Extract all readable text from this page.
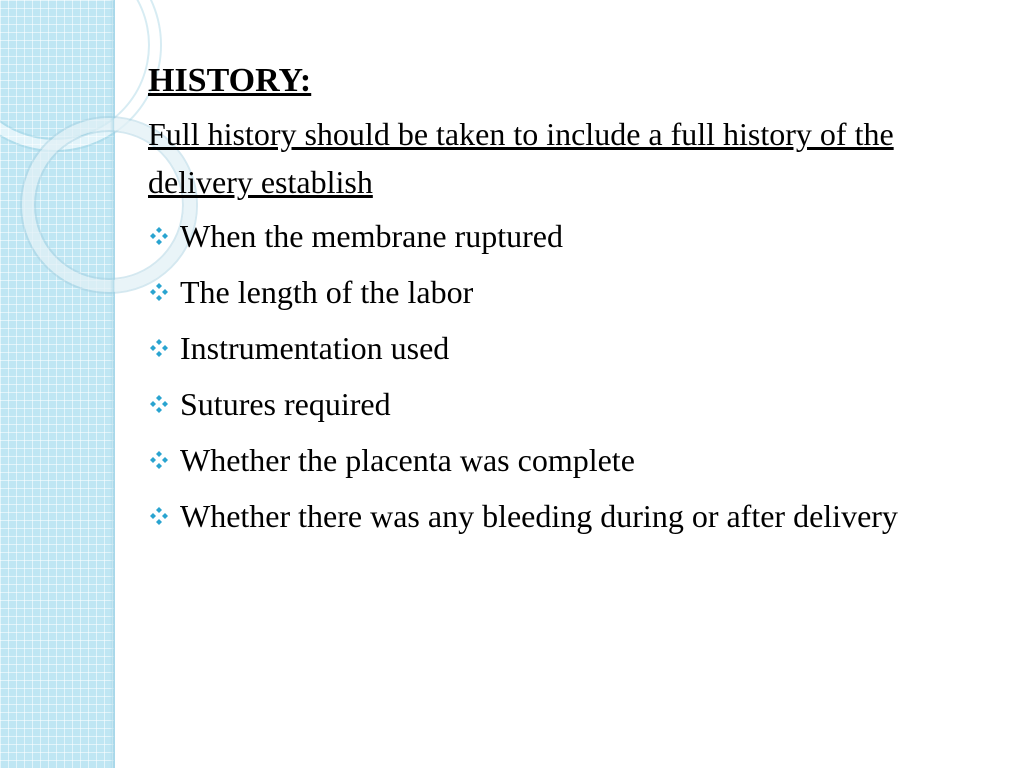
HISTORY:
Full history should be taken to include a full history of the delivery establish
When the membrane ruptured
The length of the labor
Instrumentation used
Sutures required
Whether the placenta was complete
Whether there was any bleeding during or after delivery
